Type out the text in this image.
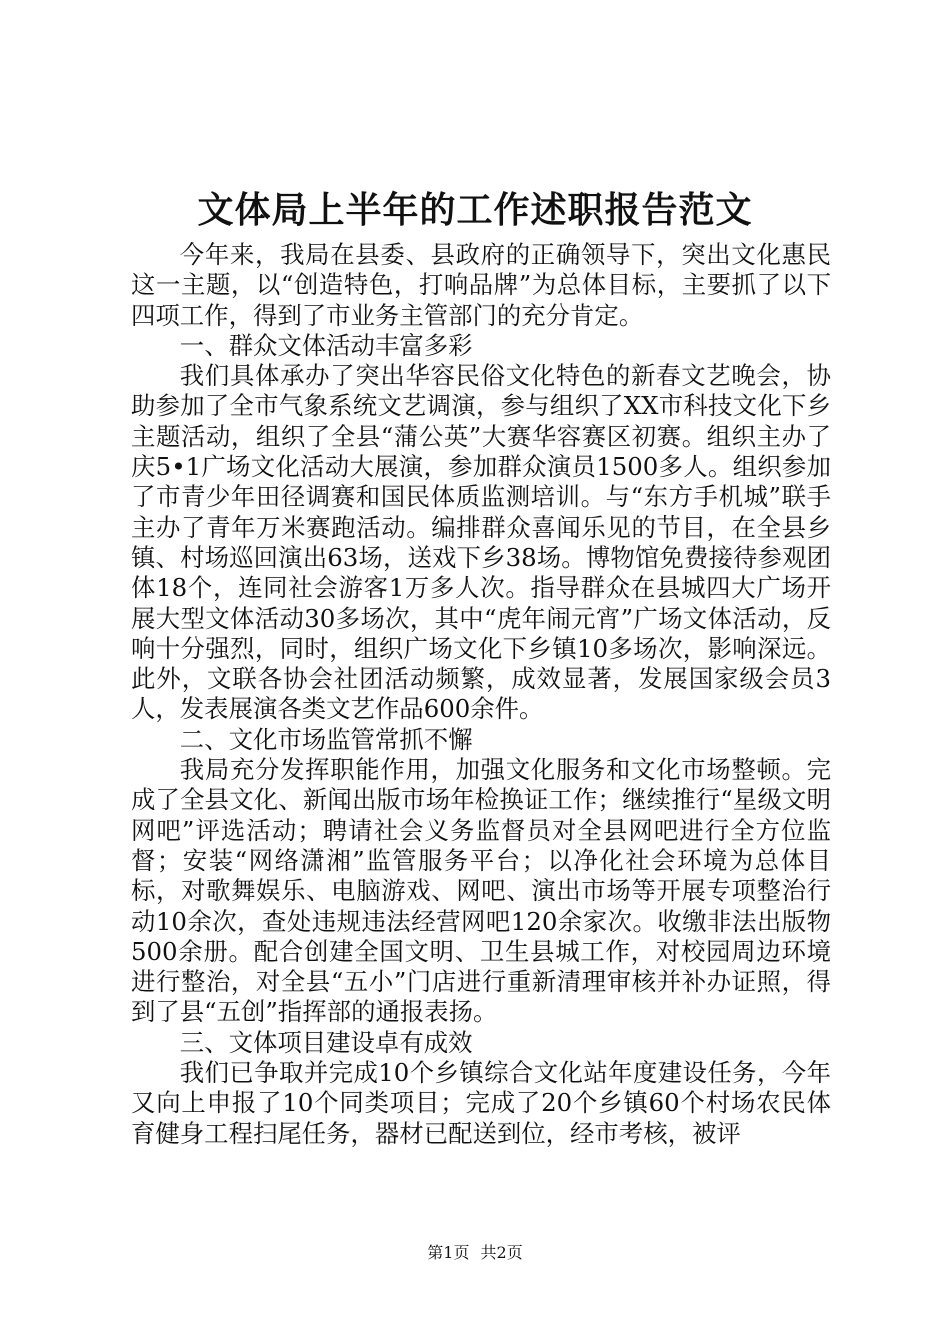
文体局上半年的工作述职报告范文

今年来，我局在县委、县政府的正确领导下，突出文化惠民这一主题，以“创造特色，打响品牌”为总体目标，主要抓了以下四项工作，得到了市业务主管部门的充分肯定。

一、群众文体活动丰富多彩

我们具体承办了突出华容民俗文化特色的新春文艺晚会，协助参加了全市气象系统文艺调演，参与组织了XX市科技文化下乡主题活动，组织了全县“蒲公英”大赛华容赛区初赛。组织主办了庆5•1广场文化活动大展演，参加群众演员1500多人。组织参加了市青少年田径调赛和国民体质监测培训。与“东方手机城”联手主办了青年万米赛跑活动。编排群众喜闻乐见的节目，在全县乡镇、村场巡回演出63场，送戏下乡38场。博物馆免费接待参观团体18个，连同社会游客1万多人次。指导群众在县城四大广场开展大型文体活动30多场次，其中“虎年闹元宵”广场文体活动，反响十分强烈，同时，组织广场文化下乡镇10多场次，影响深远。此外，文联各协会社团活动频繁，成效显著，发展国家级会员3人，发表展演各类文艺作品600余件。

二、文化市场监管常抓不懈

我局充分发挥职能作用，加强文化服务和文化市场整顿。完成了全县文化、新闻出版市场年检换证工作；继续推行“星级文明网吧”评选活动；聘请社会义务监督员对全县网吧进行全方位监督；安装“网络潇湘”监管服务平台；以净化社会环境为总体目标，对歌舞娱乐、电脑游戏、网吧、演出市场等开展专项整治行动10余次，查处违规违法经营网吧120余家次。收缴非法出版物500余册。配合创建全国文明、卫生县城工作，对校园周边环境进行整治，对全县“五小”门店进行重新清理审核并补办证照，得到了县“五创”指挥部的通报表扬。

三、文体项目建设卓有成效

我们已争取并完成10个乡镇综合文化站年度建设任务，今年又向上申报了10个同类项目；完成了20个乡镇60个村场农民体育健身工程扫尾任务，器材已配送到位，经市考核，被评

第1页 共2页
